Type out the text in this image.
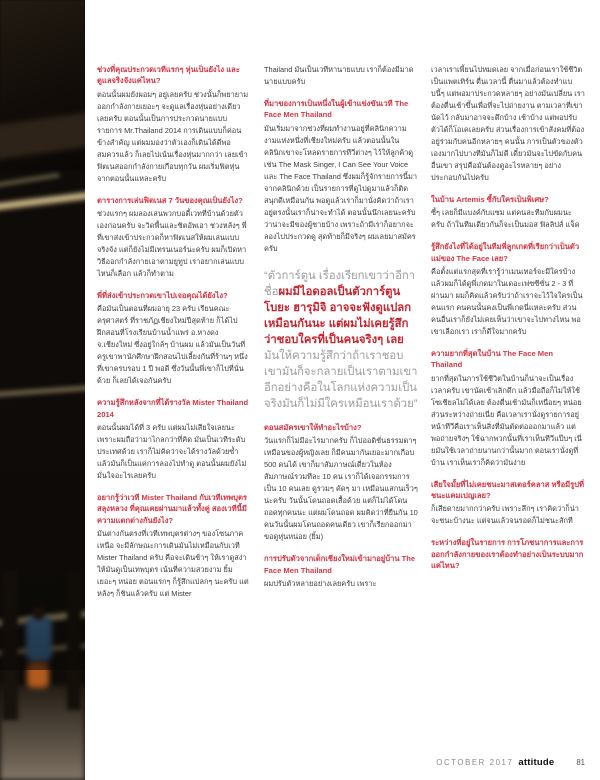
ช่วงที่คุณประกวดเวทีแรกๆ หุ่นเป็นยังไง และดูแลจริงจังแค่ไหน?

ตอนนั้นผมยังผอมๆ อยู่เลยครับ ช่วงนั้นก็พยายามออกกำลังกายเยอะๆ จะดูแลเรื่องหุ่นอย่างเดียวเลยครับ ตอนนั้นเป็นการประกวดนายแบบ รายการ Mr.Thailand 2014 การเดินแบบก็ค่อนข้างสำคัญ แต่ผมมองว่าตัวเองก็เดินได้ดีพอสมควรแล้ว ก็เลยไปเน้นเรื่องหุ่นมากกว่า เลยเข้าฟิตเนสออกกำลังกายเกือบทุกวัน ผมเริ่มฟิตหุ่นจากตอนนั้นแหละครับ

ตารางการเล่นฟิตเนส 7 วันของคุณเป็นยังไง?

ช่วงแรกๆ ผมลองเล่นพวกบอดี้เวทที่บ้านด้วยตัวเองก่อนครับ จะวิดพื้นและซิตอัพเอา ช่วงหลังๆ พี่ที่เขาส่งเข้าประกวดก็หาฟิตเนสให้ผมเล่นแบบจริงจัง แต่ก็ยังไม่มีเทรนเนอร์นะครับ ผมก็เปิดหาวิธีออกกำลังกายเอาตามยูทูป เราอยากเล่นแบบไหนก็เลือก แล้วก็ทำตาม

พี่ที่ส่งเข้าประกวดเขาไปเจอคุณได้ยังไง?

คือมันเป็นตอนที่ผมอายุ 23 ครับ เรียนคณะครุศาสตร์ ที่ราชภัฏเชียงใหม่ปีสุดท้าย ก็ได้ไปฝึกสอนที่โรงเรียนบ้านน้ำแพร่ อ.หางดง จ.เชียงใหม่ ซึ่งอยู่ใกล้ๆ บ้านผม แล้วมันเป็นวันที่ครูเขาพานักศึกษาฝึกสอนไปเลี้ยงกันที่ร้านๆ หนึ่งที่เขาครบรอบ 1 ปี พอดี ซึ่งวันนั้นพี่เขาก็ไปที่นั่นด้วย ก็เลยได้เจอกันครับ

ความรู้สึกหลังจากที่ได้รางวัล Mister Thailand 2014

ตอนนั้นผมได้ที่ 3 ครับ แต่ผมไม่เสียใจเลยนะ เพราะผมถือว่ามาไกลกว่าที่คิด มันเป็นเวทีระดับประเทศด้วย เราก็ไม่คิดว่าจะได้รางวัลด้วยซ้ำ แล้วมันก็เป็นแค่การลองไปทำดู ตอนนั้นผมยังไม่มั่นใจอะไรเลยครับ

อยากรู้ว่าเวที Mister Thailand กับเวทีเทพบุตรสลุงหลวง ที่คุณเคยผ่านมาแล้วทั้งคู่ สองเวทีนี้มีความแตกต่างกันยังไง?

มันต่างกันตรงที่เวทีเทพบุตรต่างๆ ของโซนภาคเหนือ จะมีลักษณะการเดินมันไม่เหมือนกับเวที Mister Thailand ครับ คือจะเดินช้าๆ ให้เราดูสง่า ให้มันดูเป็นเทพบุตร เน้นที่ความสวยงาม ยิ้มเยอะๆ หน่อย ตอนแรกๆ ก็รู้สึกแปลกๆ นะครับ แต่หลังๆ ก็ชินแล้วครับ แต่ Mister

Thailand มันเป็นเวทีหานายแบบ เราก็ต้องมีมาดนายแบบครับ

ที่มาของการเป็นหนึ่งในผู้เข้าแข่งขันเวที The Face Men Thailand

มันเริ่มมาจากช่วงที่ผมทำงานอยู่ที่คลินิกความงามแห่งหนึ่งที่เชียงใหม่ครับ แล้วตอนนั้นในคลินิกเขาจะโหลดรายการทีวีต่างๆ ไว้ให้ลูกค้าดู เช่น The Mask Singer, I Can See Your Voice และ The Face Thailand ซึ่งผมก็รู้จักรายการนี้มาจากคลินิกด้วย เป็นรายการที่ดูไปดูมาแล้วก็ติด สนุกดีเหมือนกัน พอดูแล้วเราก็มานั่งคิดว่าถ้าเราอยู่ตรงนั้นเราก็น่าจะทำได้ ตอนนั้นนึกเลยนะครับว่าน่าจะมีของผู้ชายบ้าง เพราะถ้ามีเราก็อยากจะลองไปประกวดดู สุดท้ายก็มีจริงๆ ผมเลยมาสมัครครับ

“ตัวการ์ตูน เรื่องเรียกเขาว่าอีกา ชื่อผมมีไอดอลเป็นตัวการ์ตูน โบยะ ฮารุมิจิ อาจจะฟังดูแปลกเหมือนกันนะ แต่ผมไม่เคยรู้สึกว่าชอบใครที่เป็นคนจริงๆ เลย มันให้ความรู้สึกว่าถ้าเราชอบเขามันก็จะกลายเป็นเราตามเขา อีกอย่างคือในโลกแห่งความเป็นจริงมันก็ไม่มีใครเหมือนเราด้วย”

ตอนสมัครเขาให้ทำอะไรบ้าง?

วันแรกก็ไม่มีอะไรมากครับ ก็ไปออดิชั่นธรรมดาๆ เหมือนของผู้หญิงเลย ก็มีคนมากันเยอะมากเกือบ 500 คนได้ เขาก็มาสัมภาษณ์เดี่ยวในห้อง สัมภาษณ์รวมทีละ 10 คน เราก็ได้เจอกรรมการเป็น 10 คนเลย ดูรวมๆ คัดๆ มา เหมือนแสกนเร็วๆ น่ะครับ วันนั้นโดนถอดเสื้อด้วย แต่ก็ไม่ได้โดนถอดทุกคนนะ แต่ผมโดนถอด ผมคิดว่าที่ยืนกัน 10 คนวันนั้นผมโดนถอดคนเดียว เขาก็เรียกออกมา ขอดูหุ่นหน่อย (ยิ้ม)

การปรับตัวจากเด็กเชียงใหม่เข้ามาอยู่บ้าน The Face Men Thailand

ผมปรับตัวหลายอย่างเลยครับ เพราะ

เวลาเราเพี้ยนไปหมดเลย จากเมื่อก่อนเราใช้ชีวิตเป็นแพตเทิร์น ตื่นเวลานี้ ตื่นมาแล้วต้องทำแบบนี้ๆ แต่พอมาประกวดหลายๆ อย่างมันเปลี่ยน เราต้องตื่นเช้าขึ้นเพื่อที่จะไปถ่ายงาน ตามเวลาที่เขานัดไว้ กลับมาอาจจะดึกบ้าง เช้าบ้าง แต่พอปรับตัวได้ก็โอเคเลยครับ ส่วนเรื่องการเข้าสังคมที่ต้องอยู่ร่วมกับคนอีกหลายๆ คนนั้น การเป็นตัวของตัวเองมากไปบางทีมันก็ไม่ดี เดี๋ยวมันจะไปขัดกับคนอื่นเขา สรุปคือมันต้องดูอะไรหลายๆ อย่างประกอบกันไปครับ

ในบ้าน Artemis ซี้กับใครเป็นพิเศษ?

ซี้ๆ เลยก็มีแบงค์กับแซม แต่คนละทีมกับผมนะครับ ถ้าในทีมเดียวกันก็จะเป็นมอส ฟิลลิปส์ แจ็ค

รู้สึกยังไงที่ได้อยู่ในทีมพี่ลูกเกดที่เรียกว่าเป็นตัวแม่ของ The Face เลย?

คือตั้งแต่แรกสุดที่เรารู้ว่าเมนเทอร์จะมีใครบ้าง แล้วผมก็ได้ดูพี่เกดมาในเดอะเฟซซีซั่น 2 - 3 ที่ผ่านมา ผมก็คิดแล้วครับว่าถ้าเราจะไว้ใจใครเป็นคนแรก คนคนนั้นคงเป็นพี่เกดนี่แหละครับ ส่วนคนอื่นเราก็ยังไม่เคยเห็นว่าเขาจะไปทางไหน พอเขาเลือกเรา เราก็ดีใจมากครับ

ความยากที่สุดในบ้าน The Face Men Thailand

ยากที่สุดในการใช้ชีวิตในบ้านก็น่าจะเป็นเรื่องเวลาครับ เขานัดเช้าเลิกดึก แล้วมือถือก็ไม่ให้ใช้ โซเชียลไม่ได้เลย ต้องตื่นเช้ามันก็เหนื่อยๆ หน่อย ส่วนระหว่างถ่ายเนี่ย คือเวลาเรานั่งดูรายการอยู่หน้าทีวีคือเราเห็นสิ่งที่มันตัดต่อออกมาแล้ว แต่พอถ่ายจริงๆ ใช้ฉากพวกนั้นที่เราเห็นทีวีแป๊บๆ เนี่ยมันใช้เวลาถ่ายนานกว่านั้นมาก ตอนเรานั่งดูที่บ้าน เราเห็นเราก็คิดว่ามันง่าย

เสียใจมั้ยที่ไม่เคยชนะมาสเตอร์คลาส หรือมีรูปที่ชนะแคมเปญเลย?

ก็เสียดายมากกว่าครับ เพราะลึกๆ เราคิดว่าก็น่าจะชนะบ้างนะ แต่จนแล้วจนรอดก็ไม่ชนะสักที

ระหว่างที่อยู่ในรายการ การโภชนาการและการออกกำลังกายของเราต้องทำอย่างเป็นระบบมากแค่ไหน?

OCTOBER 2017 attitude	81
